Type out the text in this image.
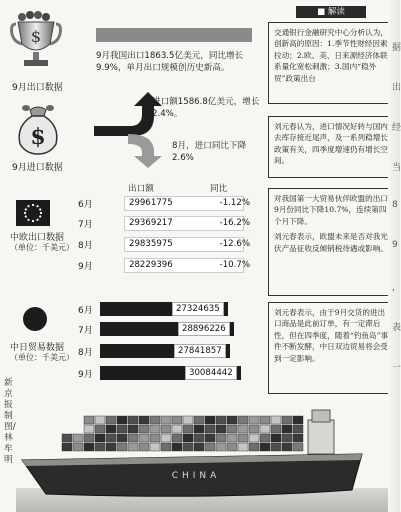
$
9月出口数据
9月我国出口1863.5亿美元，同比增长9.9%，单月出口规模创历史新高。
$
9月进口数据
进口额1586.8亿美元，增长2.4%。
8月，进口同比下降2.6%
中欧出口数据
（单位：千美元）
出口额	同比
6月	29961775	-1.12%
7月	29369217	-16.2%
8月	29835975	-12.6%
9月	28229396	-10.7%
中日贸易数据
（单位：千美元）
6月	27324635
7月	28896226
8月	27841857
9月	30084442
新京报制图/林牟明
CHINA
■ 解读
交通银行金融研究中心分析认为，创新高的原因：1.季节性财经因素拉动；2.欧、美、日来源经济体联系量化宽松刺激；3.国内“稳外贸”政策出台
刘元春认为，进口情况好转与国内去库存接近尾声，及一系列稳增长政策有关，四季度增速仍有增长空间。
对我国第一大贸易伙伴欧盟的出口9月份同比下降10.7%，连续第四个月下降。
刘元春表示，欧盟未来是否对我光伏产品征收反倾销税待遇或影响。
刘元春表示，由于9月交货的进出口商品是此前订单，有一定滞后性，但在四季度，随着“钓鱼岛”事件不断发酵，中日双边贸易将会受到一定影响。
据
出
经
当
8
9
，
表
一
